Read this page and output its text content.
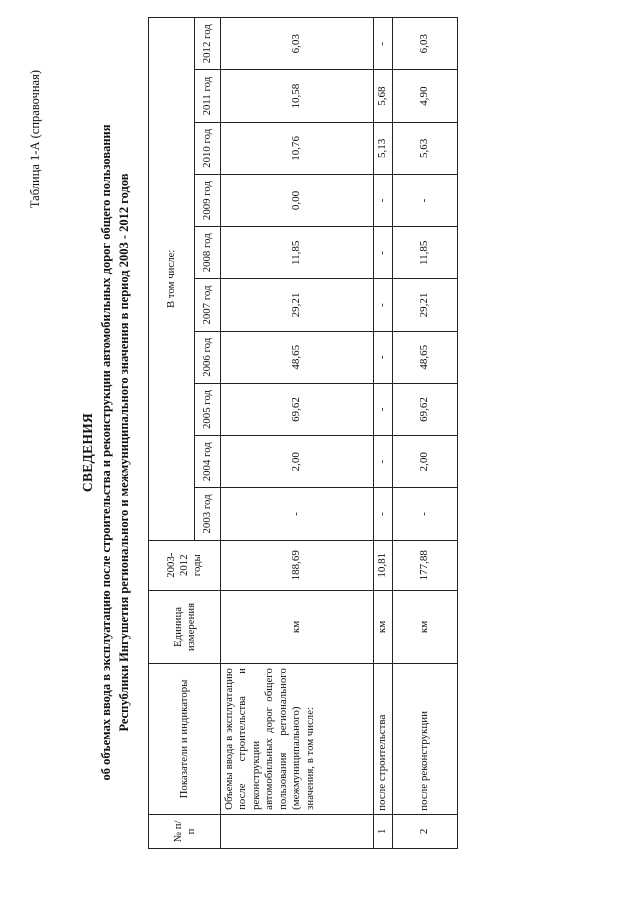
Таблица 1-А (справочная)
СВЕДЕНИЯ об объемах ввода в эксплуатацию после строительства и реконструкции автомобильных дорог общего пользования Республики Ингушетия регионального и межмуниципального значения в период 2003 - 2012 годов
№ п/п	Показатели и индикаторы	Единица измерения	2003-2012 годы	В том числе:									
				2003 год	2004 год	2005 год	2006 год	2007 год	2008 год	2009 год	2010 год	2011 год	2012 год
	Объемы ввода в эксплуатацию после строительства и реконструкции автомобильных дорог общего пользования регионального (межмуниципального) значения, в том числе:	км	188,69	-	2,00	69,62	48,65	29,21	11,85	0,00	10,76	10,58	6,03
1	после строительства	км	10,81	-	-	-	-	-	-	-	5,13	5,68	-
2	после реконструкции	км	177,88	-	2,00	69,62	48,65	29,21	11,85	-	5,63	4,90	6,03
